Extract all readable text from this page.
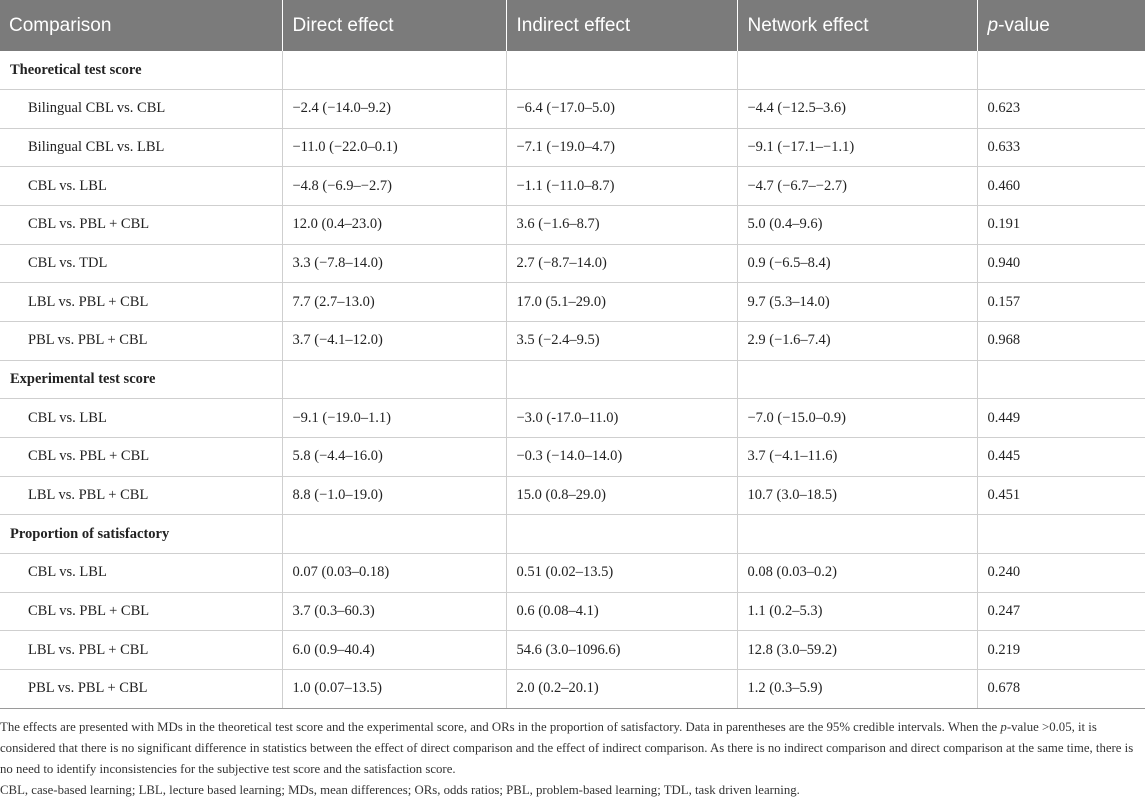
Comparison	Direct effect	Indirect effect	Network effect	p-value
Theoretical test score				
Bilingual CBL vs. CBL	−2.4 (−14.0–9.2)	−6.4 (−17.0–5.0)	−4.4 (−12.5–3.6)	0.623
Bilingual CBL vs. LBL	−11.0 (−22.0–0.1)	−7.1 (−19.0–4.7)	−9.1 (−17.1–−1.1)	0.633
CBL vs. LBL	−4.8 (−6.9–−2.7)	−1.1 (−11.0–8.7)	−4.7 (−6.7–−2.7)	0.460
CBL vs. PBL + CBL	12.0 (0.4–23.0)	3.6 (−1.6–8.7)	5.0 (0.4–9.6)	0.191
CBL vs. TDL	3.3 (−7.8–14.0)	2.7 (−8.7–14.0)	0.9 (−6.5–8.4)	0.940
LBL vs. PBL + CBL	7.7 (2.7–13.0)	17.0 (5.1–29.0)	9.7 (5.3–14.0)	0.157
PBL vs. PBL + CBL	3.7 (−4.1–12.0)	3.5 (−2.4–9.5)	2.9 (−1.6–7.4)	0.968
Experimental test score				
CBL vs. LBL	−9.1 (−19.0–1.1)	−3.0 (-17.0–11.0)	−7.0 (−15.0–0.9)	0.449
CBL vs. PBL + CBL	5.8 (−4.4–16.0)	−0.3 (−14.0–14.0)	3.7 (−4.1–11.6)	0.445
LBL vs. PBL + CBL	8.8 (−1.0–19.0)	15.0 (0.8–29.0)	10.7 (3.0–18.5)	0.451
Proportion of satisfactory				
CBL vs. LBL	0.07 (0.03–0.18)	0.51 (0.02–13.5)	0.08 (0.03–0.2)	0.240
CBL vs. PBL + CBL	3.7 (0.3–60.3)	0.6 (0.08–4.1)	1.1 (0.2–5.3)	0.247
LBL vs. PBL + CBL	6.0 (0.9–40.4)	54.6 (3.0–1096.6)	12.8 (3.0–59.2)	0.219
PBL vs. PBL + CBL	1.0 (0.07–13.5)	2.0 (0.2–20.1)	1.2 (0.3–5.9)	0.678

The effects are presented with MDs in the theoretical test score and the experimental score, and ORs in the proportion of satisfactory. Data in parentheses are the 95% credible intervals. When the p-value >0.05, it is considered that there is no significant difference in statistics between the effect of direct comparison and the effect of indirect comparison. As there is no indirect comparison and direct comparison at the same time, there is no need to identify inconsistencies for the subjective test score and the satisfaction score.

CBL, case-based learning; LBL, lecture based learning; MDs, mean differences; ORs, odds ratios; PBL, problem-based learning; TDL, task driven learning.
